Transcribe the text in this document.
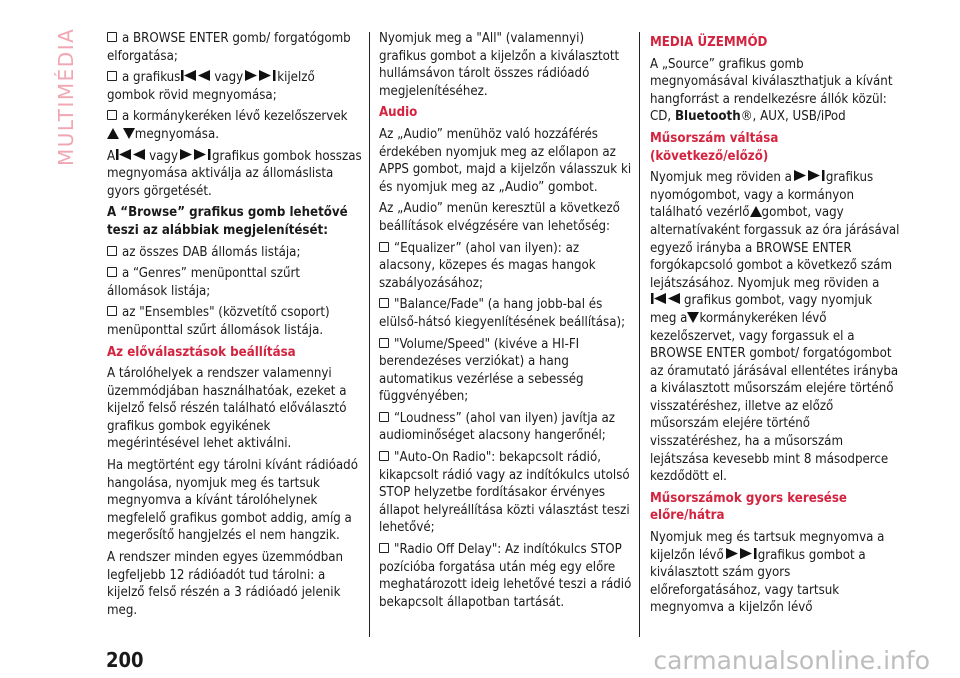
MULTIMÉDIA	a BROWSE ENTER gomb/ forgatógomb elforgatása;

a grafikus	vagy	kijelző gombok rövid megnyomása;

a kormánykeréken lévő kezelőszervek  megnyomása.

A	vagy	grafikus gombok hosszas megnyomása aktiválja az állomáslista gyors görgetését.

A “Browse” grafikus gomb lehetővé teszi az alábbiak megjelenítését:

az összes DAB állomás listája;

a “Genres” menüponttal szűrt állomások listája;

az "Ensembles" (közvetítő csoport) menüponttal szűrt állomások listája.

Az előválasztások beállítása

A tárolóhelyek a rendszer valamennyi üzemmódjában használhatóak, ezeket a kijelző felső részén található előválasztó grafikus gombok egyikének megérintésével lehet aktiválni.

Ha megtörtént egy tárolni kívánt rádióadó hangolása, nyomjuk meg és tartsuk megnyomva a kívánt tárolóhelynek megfelelő grafikus gombot addig, amíg a megerősítő hangjelzés el nem hangzik.

A rendszer minden egyes üzemmódban legfeljebb 12 rádióadót tud tárolni: a kijelző felső részén a 3 rádióadó jelenik meg.

Nyomjuk meg a "All" (valamennyi) grafikus gombot a kijelzőn a kiválasztott hullámsávon tárolt összes rádióadó megjelenítéséhez.

Audio

Az „Audio” menühöz való hozzáférés érdekében nyomjuk meg az előlapon az APPS gombot, majd a kijelzőn válasszuk ki és nyomjuk meg az „Audio” gombot.

Az „Audio” menün keresztül a következő beállítások elvégzésére van lehetőség:

“Equalizer” (ahol van ilyen): az alacsony, közepes és magas hangok szabályozásához;

"Balance/Fade" (a hang jobb-bal és elülső-hátsó kiegyenlítésének beállítása);

"Volume/Speed" (kivéve a HI-FI berendezéses verziókat) a hang automatikus vezérlése a sebesség függvényében;

“Loudness” (ahol van ilyen) javítja az audiominőséget alacsony hangerőnél;

"Auto-On Radio": bekapcsolt rádió, kikapcsolt rádió vagy az indítókulcs utolsó STOP helyzetbe fordításakor érvényes állapot helyreállítása közti választást teszi lehetővé;

"Radio Off Delay": Az indítókulcs STOP pozícióba forgatása után még egy előre meghatározott ideig lehetővé teszi a rádió bekapcsolt állapotban tartását.

MEDIA ÜZEMMÓD

A „Source” grafikus gomb megnyomásával kiválaszthatjuk a kívánt hangforrást a rendelkezésre állók közül: CD, Bluetooth®, AUX, USB/iPod

Műsorszám váltása (következő/előző)

Nyomjuk meg röviden a	grafikus nyomógombot, vagy a kormányon található vezérlő gombot, vagy alternatívaként forgassuk az óra járásával egyező irányba a BROWSE ENTER forgókapcsoló gombot a következő szám lejátszásához. Nyomjuk meg röviden agrafikus gombot, vagy nyomjuk meg a kormánykeréken lévő kezelőszervet, vagy forgassuk el a BROWSE ENTER gombot/ forgatógombot az óramutató járásával ellentétes irányba a kiválasztott műsorszám elejére történő visszatéréshez, illetve az előző műsorszám elejére történő visszatéréshez, ha a műsorszám lejátszása kevesebb mint 8 másodperce kezdődött el.

Műsorszámok gyors keresése előre/hátra

Nyomjuk meg és tartsuk megnyomva a kijelzőn lévő	grafikus gombot a kiválasztott szám gyors előreforgatásához, vagy tartsuk megnyomva a kijelzőn lévő

200	carmanualsonline.info
